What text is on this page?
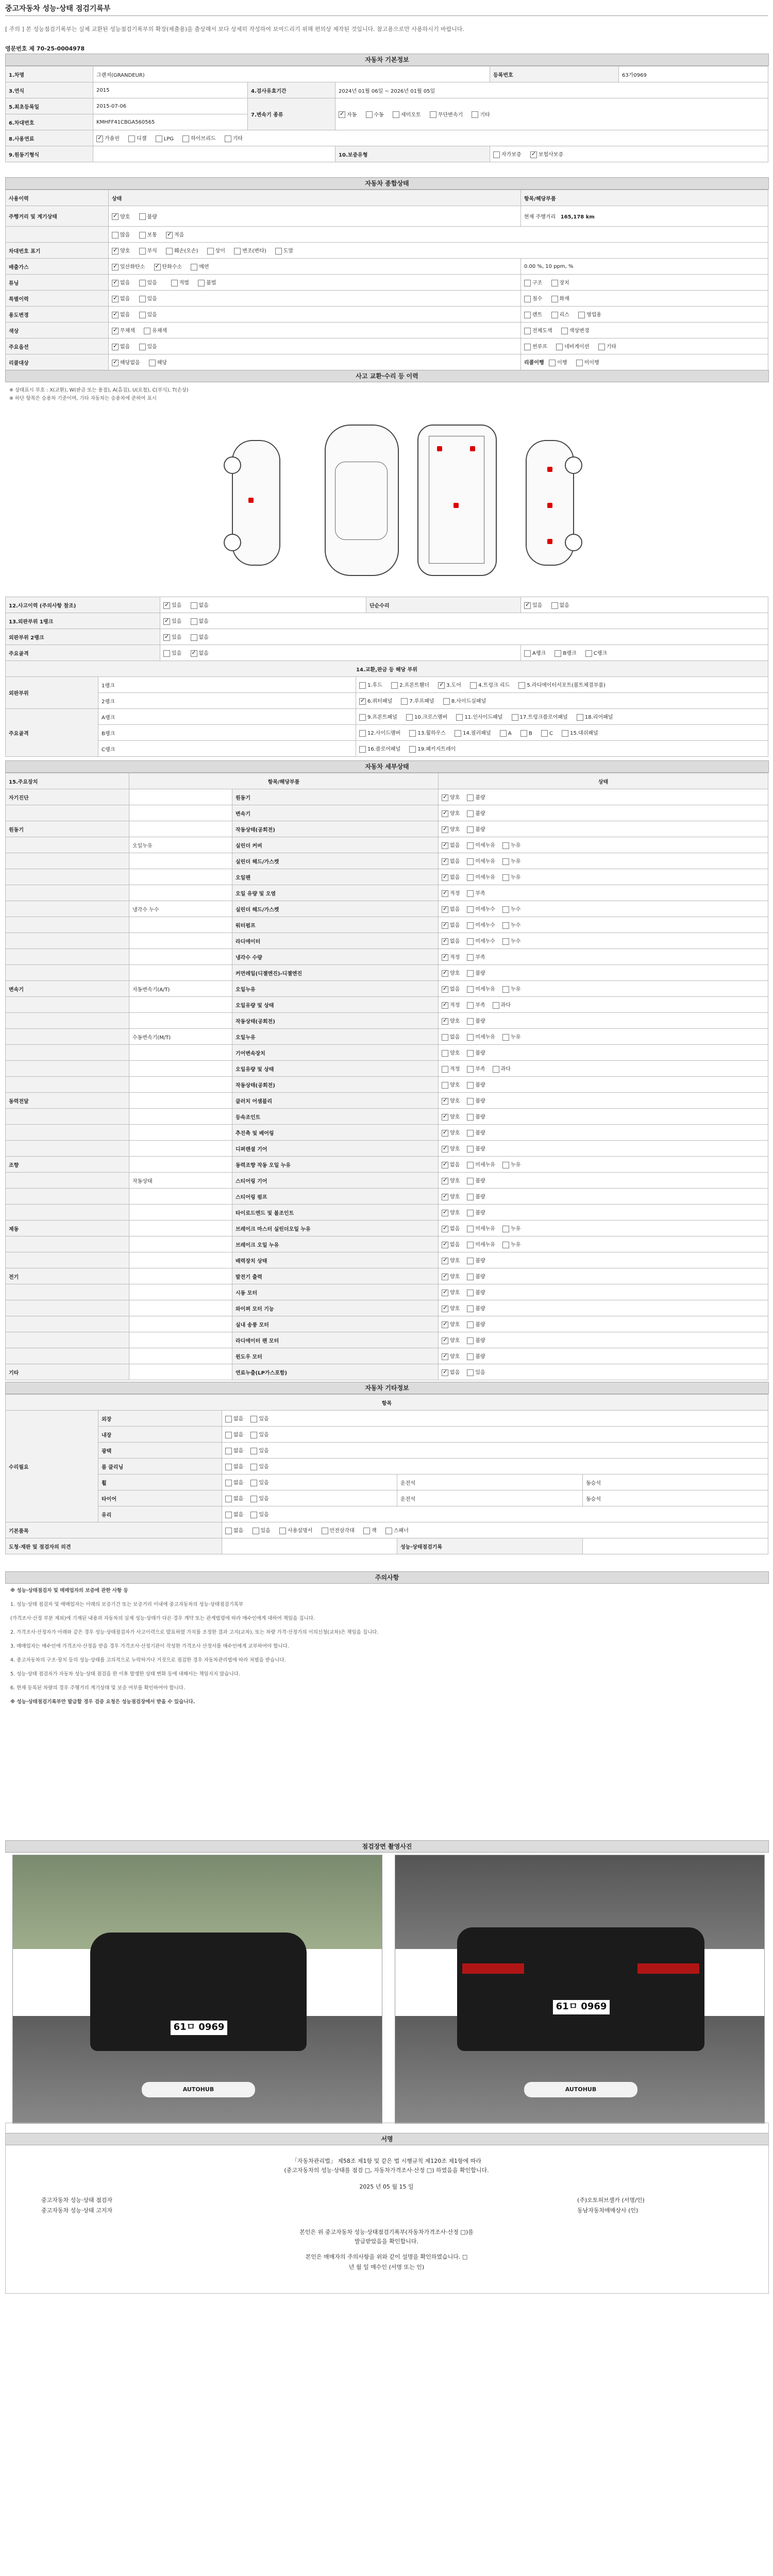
중고자동차 성능·상태 점검기록부
[ 주의 ] 본 성능점검기록부는 실제 교환된 성능점검기록부의 확장(제출용)을 출상해서 보다 상세히 작성하여 보여드리기 위해 편의상 제작된 것입니다. 참고용으로만 사용하시기 바랍니다.
영문번호 제 70-25-0004978
자동차 기본정보
1.차명	그랜져(GRANDEUR)			등록번호	63가0969
3.연식	2015	4.검사유효기간	2024년 01월 06일 ~ 2026년 01월 05일		
5.최초등록일	2015-07-06	7.변속기 종류	✓자동 수동 세미오토 무단변속기 기타
6.차대번호	KMHFF41CBGA560565				
8.사용연료	✓가솔린 디젤 LPG 하이브리드 기타
9.원동기형식			10.보증유형	자가보증 ✓ 보험사보증
자동차 종합상태
사용이력	상태	항목/해당부품
주행거리 및 계기상태	✓양호 불량	현재 주행거리 165,178 km
	많음 보통 ✓ 적음
차대번호 표기	✓양호 부식 훼손(오손) 상이 변조(변타) 도말
배출가스	✓일산화탄소 ✓ 탄화수소 매연	0.00 %, 10 ppm, %
튜닝	✓없음 있음 적법 불법	구조 장치
특별이력	✓없음 있음	침수 화재
용도변경	✓없음 있음	렌트 리스 영업용
색상	✓무채색 유채색	전체도색 색상변경
주요옵션	✓없음 있음	썬루프 네비게이션 기타
리콜대상	✓해당없음 해당	리콜이행 이행 미이행
사고 교환·수리 등 이력
※ 상태표시 부호 : X(교환), W(판금 또는 용접), A(흠집), U(요철), C(부식), T(손상)
※ 하단 항목은 승용차 기준이며, 기타 자동차는 승용차에 준하여 표시
12.사고이력 (주의사항 참조)	✓있음 없음	단순수리	✓있음 없음
13.외판부위 1랭크	✓있음 없음
외판부위 2랭크	✓있음 없음
주요골격	있음 ✓ 없음		A랭크 B랭크 C랭크
14.교환,판금 등 해당 부위		
외판부위	1랭크	1.후드 2.프론트휀더 ✓ 3.도어 4.트렁크 리드 5.라디에이터서포트(볼트체결부품)
	2랭크	✓6.쿼터패널 7.루프패널 8.사이드실패널
주요골격	A랭크	9.프론트패널 10.크로스멤버 11.인사이드패널 17.트렁크플로어패널 18.리어패널
	B랭크	12.사이드멤버 13.휠하우스 14.필러패널 A B C 15.대쉬패널
	C랭크	16.플로어패널 19.패키지트레이
자동차 세부상태
15.주요장치	항목/해당부품		상태
자기진단		원동기	✓양호 불량
		변속기	✓양호 불량
원동기		작동상태(공회전)	✓양호 불량
	오일누유	실린더 커버	✓없음 미세누유 누유
		실린더 헤드/가스켓	✓없음 미세누유 누유
		오일팬	✓없음 미세누유 누유
		오일 유량 및 오염	✓적정 부족
	냉각수 누수	실린더 헤드/가스켓	✓없음 미세누수 누수
		워터펌프	✓없음 미세누수 누수
		라디에이터	✓없음 미세누수 누수
		냉각수 수량	✓적정 부족
		커먼레일(디젤엔진)-디젤엔진	✓양호 불량
변속기	자동변속기(A/T)	오일누유	✓없음 미세누유 누유
		오일유량 및 상태	✓적정 부족 과다
		작동상태(공회전)	✓양호 불량
	수동변속기(M/T)	오일누유	없음 미세누유 누유
		기어변속장치	양호 불량
		오일유량 및 상태	적정 부족 과다
		작동상태(공회전)	양호 불량
동력전달		클러치 어셈블리	✓양호 불량
		등속조인트	✓양호 불량
		추진축 및 베어링	✓양호 불량
		디퍼렌셜 기어	✓양호 불량
조향		동력조향 작동 오일 누유	✓없음 미세누유 누유
	작동상태	스티어링 기어	✓양호 불량
		스티어링 펌프	✓양호 불량
		타이로드엔드 및 볼조인트	✓양호 불량
제동		브레이크 마스터 실린더오일 누유	✓없음 미세누유 누유
		브레이크 오일 누유	✓없음 미세누유 누유
		배력장치 상태	✓양호 불량
전기		발전기 출력	✓양호 불량
		시동 모터	✓양호 불량
		와이퍼 모터 기능	✓양호 불량
		실내 송풍 모터	✓양호 불량
		라디에이터 팬 모터	✓양호 불량
		윈도우 모터	✓양호 불량
기타		연료누출(LP가스포함)	✓없음 있음
자동차 기타정보
항목				
수리필요	외장	없음 있음		
	내장	없음 있음		
	광택	없음 있음		
	룸 클리닝	없음 있음		
	휠	없음 있음	운전석	동승석
	타이어	없음 있음	운전석	동승석
	유리	없음 있음		
기본품목		없음 있음 사용설명서 안전삼각대 잭 스패너		
도청·재판 및 점검자의 의견			성능·상태점검기록	
주의사항
※ 성능·상태점검자 및 매매업자의 보증에 관한 사항 등
1. 성능·상태 점검자 및 매매업자는 아래의 보증기간 또는 보증거리 이내에 중고자동차의 성능·상태점검기록부
(가격조사·산정 부분 제외)에 기재된 내용과 자동차의 실제 성능·상태가 다른 경우 계약 또는 관계법령에 따라 매수인에게 대하여 책임을 집니다.
2. 가격조사·산정자가 아래와 같은 경우 성능·상태점검자가 사고이력으로 발표하였 가치를 조정한 결과 고지(교차), 또는 차량 가격·산정가의 이의신청(교차)은 책임을 집니다.
3. 매매업자는 매수인에 가격조사·산정을 받을 경우 가격조사·산정기관이 작성한 가격조사 산정서를 매수인에게 교부하여야 합니다.
4. 중고자동차의 구조·장치 등의 성능·상태를 고의적으로 누락하거나 거짓으로 점검한 경우 자동차관리법에 따라 처벌을 받습니다.
5. 성능·상태 점검자가 자동차 성능·상태 점검을 한 이후 발생한 상태 변화 등에 대해서는 책임지지 않습니다.
6. 현재 등록된 차량의 경우 주행거리 계기상태 및 보증 여부를 확인하여야 합니다.
※ 성능·상태점검기록부만 발급할 경우 검증 요청은 성능점검장에서 받을 수 있습니다.
점검장면 촬영사진
61ㅁ 0969
AUTOHUB
61ㅁ 0969
AUTOHUB
서명
「자동차관리법」 제58조 제1항 및 같은 법 시행규칙 제120조 제1항에 따라
(중고자동차의 성능·상태를 점검 □, 자동차가격조사·산정 □) 하였음을 확인합니다.
2025 년 05 월 15 일
중고자동차 성능·상태 점검자	(주)오토허브셀카 (서명/인)
중고자동차 성능·상태 고지자	동남자동차매매상사 (인)
본인은 위 중고자동차 성능·상태점검기록부(자동차가격조사·산정 □)를
발급받았음을 확인합니다.
본인은 매매자의 주의사항을 위와 같이 설명을 확인하였습니다. □
년 월 일 매수인 (서명 또는 인)
